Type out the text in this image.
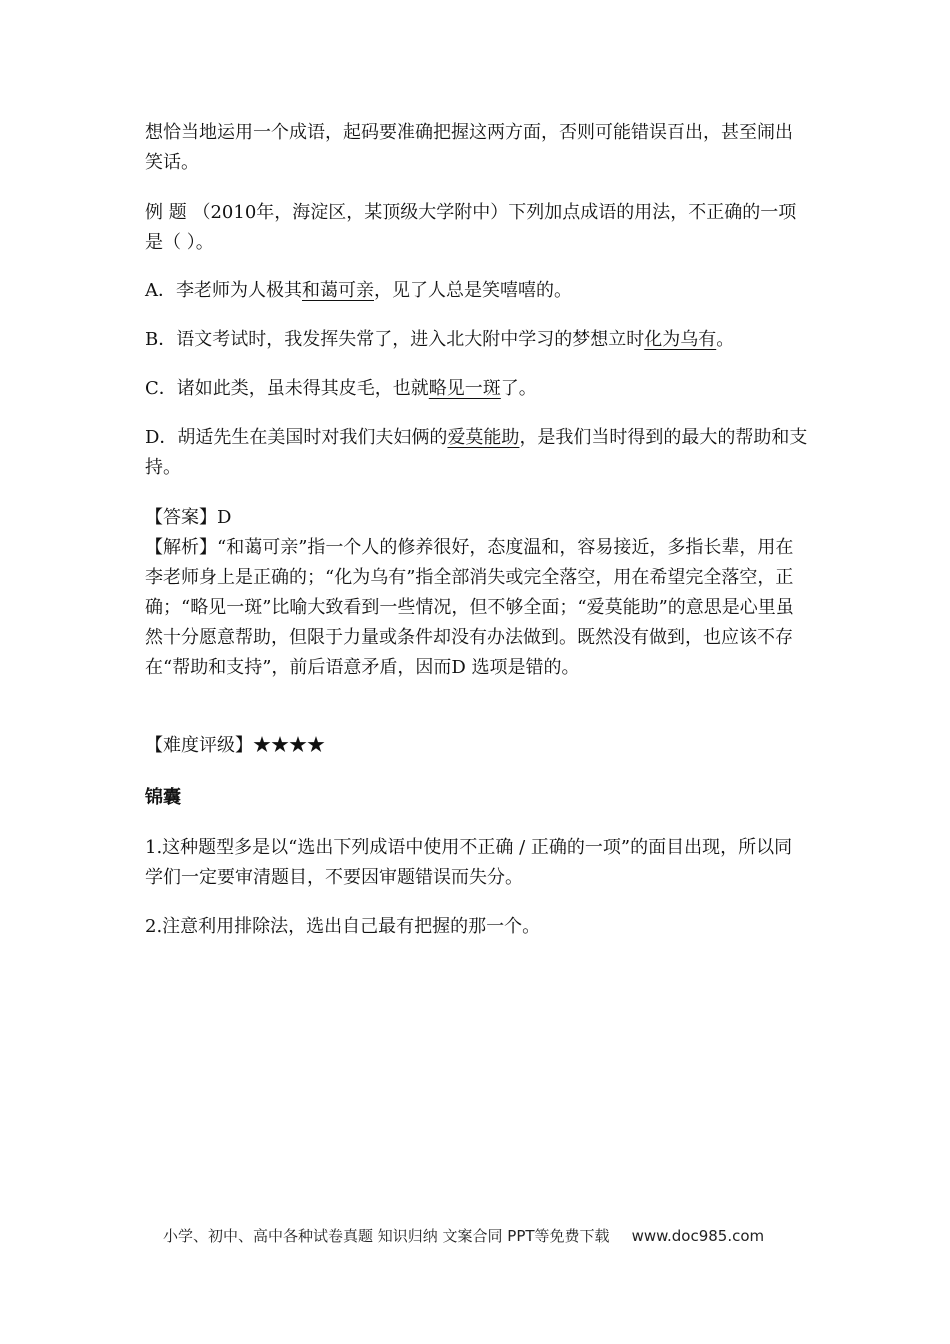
想恰当地运用一个成语，起码要准确把握这两方面，否则可能错误百出，甚至闹出笑话。

例 题 （2010年，海淀区，某顶级大学附中）下列加点成语的用法，不正确的一项是（ ）。

A．李老师为人极其和蔼可亲，见了人总是笑嘻嘻的。

B．语文考试时，我发挥失常了，进入北大附中学习的梦想立时化为乌有。

C．诸如此类，虽未得其皮毛，也就略见一斑了。

D．胡适先生在美国时对我们夫妇俩的爱莫能助，是我们当时得到的最大的帮助和支持。

【答案】D

【解析】“和蔼可亲”指一个人的修养很好，态度温和，容易接近，多指长辈，用在李老师身上是正确的；“化为乌有”指全部消失或完全落空，用在希望完全落空，正确；“略见一斑”比喻大致看到一些情况，但不够全面；“爱莫能助”的意思是心里虽然十分愿意帮助，但限于力量或条件却没有办法做到。既然没有做到，也应该不存在“帮助和支持”，前后语意矛盾，因而D 选项是错的。

【难度评级】★★★★

锦囊

1.这种题型多是以“选出下列成语中使用不正确 / 正确的一项”的面目出现，所以同学们一定要审清题目，不要因审题错误而失分。

2.注意利用排除法，选出自己最有把握的那一个。

小学、初中、高中各种试卷真题 知识归纳 文案合同 PPT等免费下载 www.doc985.com
